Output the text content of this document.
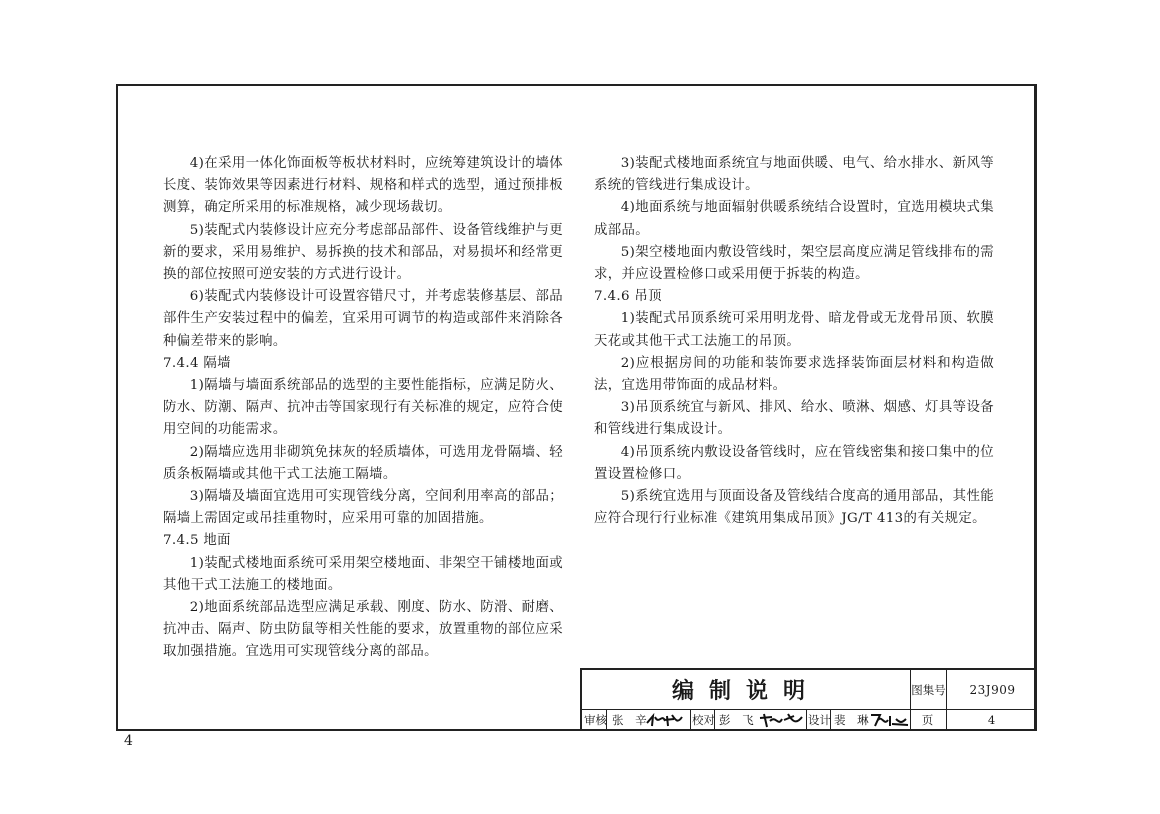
4)在采用一体化饰面板等板状材料时，应统筹建筑设计的墙体长度、装饰效果等因素进行材料、规格和样式的选型，通过预排板测算，确定所采用的标准规格，减少现场裁切。

5)装配式内装修设计应充分考虑部品部件、设备管线维护与更新的要求，采用易维护、易拆换的技术和部品，对易损坏和经常更换的部位按照可逆安装的方式进行设计。

6)装配式内装修设计可设置容错尺寸，并考虑装修基层、部品部件生产安装过程中的偏差，宜采用可调节的构造或部件来消除各种偏差带来的影响。

7.4.4 隔墙

1)隔墙与墙面系统部品的选型的主要性能指标，应满足防火、防水、防潮、隔声、抗冲击等国家现行有关标准的规定，应符合使用空间的功能需求。

2)隔墙应选用非砌筑免抹灰的轻质墙体，可选用龙骨隔墙、轻质条板隔墙或其他干式工法施工隔墙。

3)隔墙及墙面宜选用可实现管线分离，空间利用率高的部品；隔墙上需固定或吊挂重物时，应采用可靠的加固措施。

7.4.5 地面

1)装配式楼地面系统可采用架空楼地面、非架空干铺楼地面或其他干式工法施工的楼地面。

2)地面系统部品选型应满足承载、刚度、防水、防滑、耐磨、抗冲击、隔声、防虫防鼠等相关性能的要求，放置重物的部位应采取加强措施。宜选用可实现管线分离的部品。

3)装配式楼地面系统宜与地面供暖、电气、给水排水、新风等系统的管线进行集成设计。

4)地面系统与地面辐射供暖系统结合设置时，宜选用模块式集成部品。

5)架空楼地面内敷设管线时，架空层高度应满足管线排布的需求，并应设置检修口或采用便于拆装的构造。

7.4.6 吊顶

1)装配式吊顶系统可采用明龙骨、暗龙骨或无龙骨吊顶、软膜天花或其他干式工法施工的吊顶。

2)应根据房间的功能和装饰要求选择装饰面层材料和构造做法，宜选用带饰面的成品材料。

3)吊顶系统宜与新风、排风、给水、喷淋、烟感、灯具等设备和管线进行集成设计。

4)吊顶系统内敷设设备管线时，应在管线密集和接口集中的位置设置检修口。

5)系统宜选用与顶面设备及管线结合度高的通用部品，其性能应符合现行行业标准《建筑用集成吊顶》JG/T 413的有关规定。

编制说明	图集号	23J909
审核 张 辛	校对 彭 飞	设计 裴 琳	页	4
4
